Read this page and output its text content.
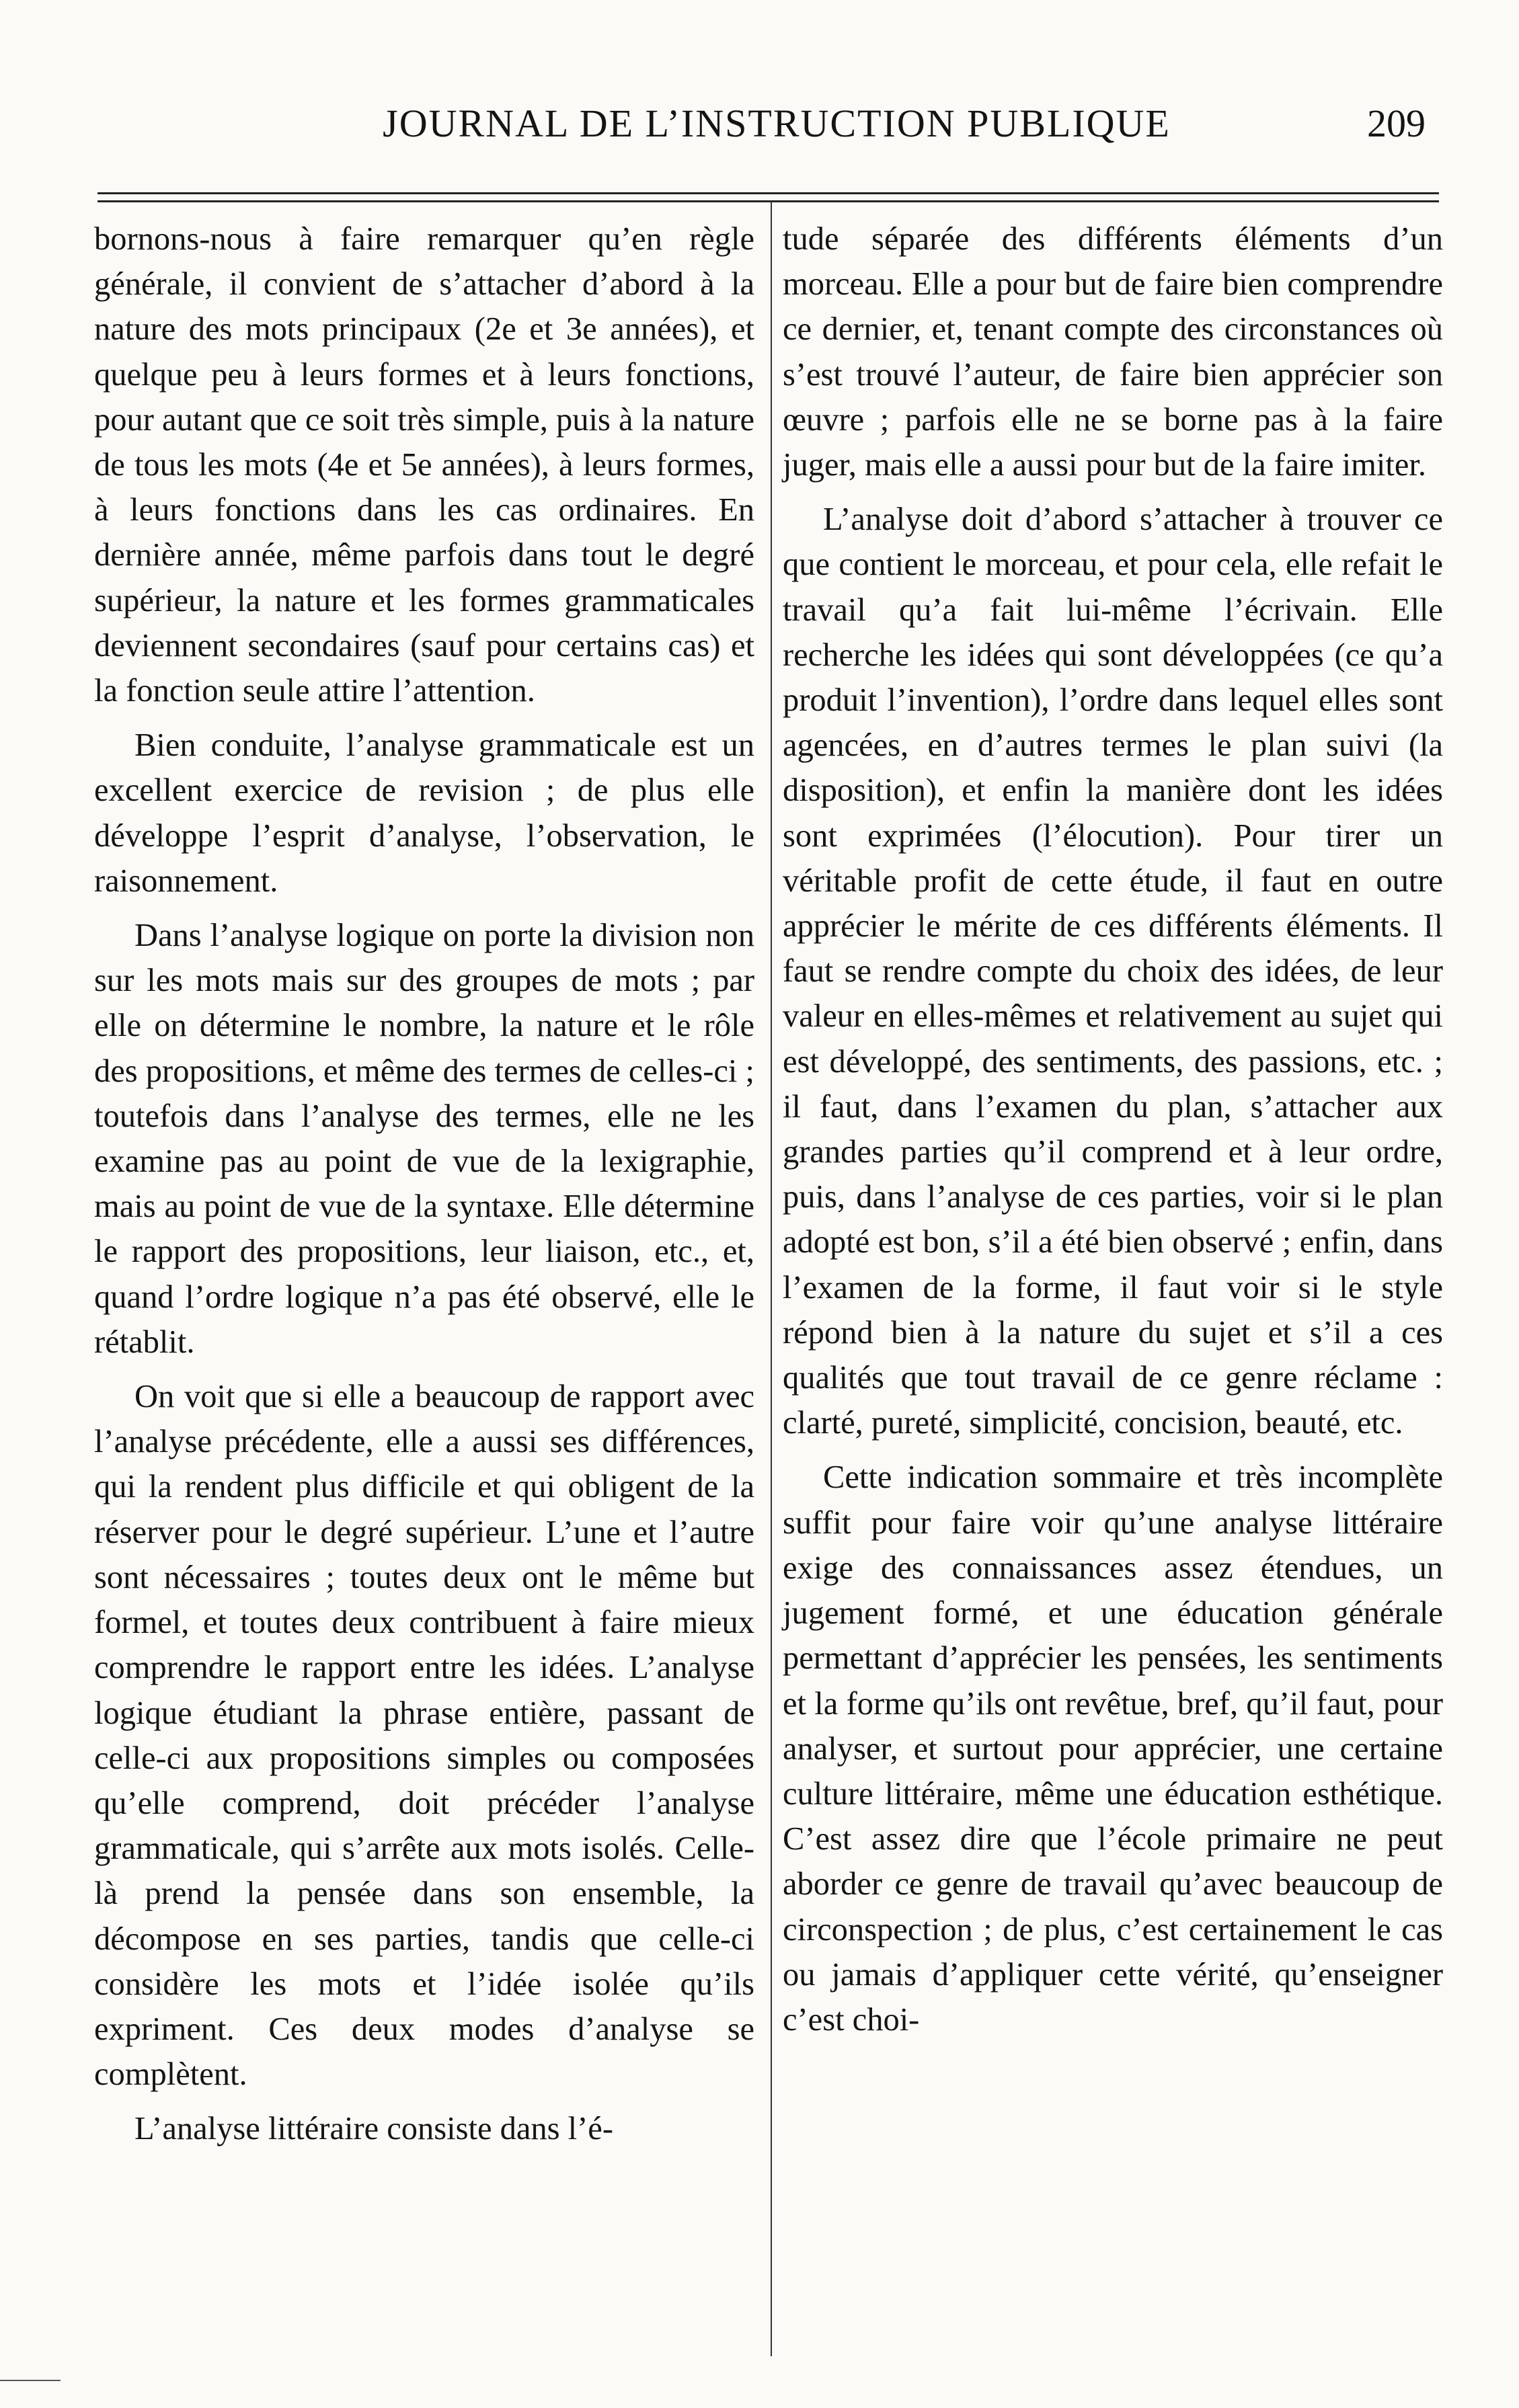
JOURNAL DE L’INSTRUCTION PUBLIQUE	209

bornons-nous à faire remarquer qu’en règle générale, il convient de s’attacher d’abord à la nature des mots principaux (2e et 3e années), et quelque peu à leurs formes et à leurs fonctions, pour autant que ce soit très simple, puis à la nature de tous les mots (4e et 5e années), à leurs formes, à leurs fonctions dans les cas ordinaires. En dernière année, même parfois dans tout le degré supérieur, la nature et les formes grammaticales deviennent secondaires (sauf pour certains cas) et la fonction seule attire l’attention.

Bien conduite, l’analyse grammaticale est un excellent exercice de revision ; de plus elle développe l’esprit d’analyse, l’observation, le raisonnement.

Dans l’analyse logique on porte la division non sur les mots mais sur des groupes de mots ; par elle on détermine le nombre, la nature et le rôle des propositions, et même des termes de celles-ci ; toutefois dans l’analyse des termes, elle ne les examine pas au point de vue de la lexigraphie, mais au point de vue de la syntaxe. Elle détermine le rapport des propositions, leur liaison, etc., et, quand l’ordre logique n’a pas été observé, elle le rétablit.

On voit que si elle a beaucoup de rapport avec l’analyse précédente, elle a aussi ses différences, qui la rendent plus difficile et qui obligent de la réserver pour le degré supérieur. L’une et l’autre sont nécessaires ; toutes deux ont le même but formel, et toutes deux contribuent à faire mieux comprendre le rapport entre les idées. L’analyse logique étudiant la phrase entière, passant de celle-ci aux propositions simples ou composées qu’elle comprend, doit précéder l’analyse grammaticale, qui s’arrête aux mots isolés. Celle-là prend la pensée dans son ensemble, la décompose en ses parties, tandis que celle-ci considère les mots et l’idée isolée qu’ils expriment. Ces deux modes d’analyse se complètent.

L’analyse littéraire consiste dans l’é-

tude séparée des différents éléments d’un morceau. Elle a pour but de faire bien comprendre ce dernier, et, tenant compte des circonstances où s’est trouvé l’auteur, de faire bien apprécier son œuvre ; parfois elle ne se borne pas à la faire juger, mais elle a aussi pour but de la faire imiter.

L’analyse doit d’abord s’attacher à trouver ce que contient le morceau, et pour cela, elle refait le travail qu’a fait lui-même l’écrivain. Elle recherche les idées qui sont développées (ce qu’a produit l’invention), l’ordre dans lequel elles sont agencées, en d’autres termes le plan suivi (la disposition), et enfin la manière dont les idées sont exprimées (l’élocution). Pour tirer un véritable profit de cette étude, il faut en outre apprécier le mérite de ces différents éléments. Il faut se rendre compte du choix des idées, de leur valeur en elles-mêmes et relativement au sujet qui est développé, des sentiments, des passions, etc. ; il faut, dans l’examen du plan, s’attacher aux grandes parties qu’il comprend et à leur ordre, puis, dans l’analyse de ces parties, voir si le plan adopté est bon, s’il a été bien observé ; enfin, dans l’examen de la forme, il faut voir si le style répond bien à la nature du sujet et s’il a ces qualités que tout travail de ce genre réclame : clarté, pureté, simplicité, concision, beauté, etc.

Cette indication sommaire et très incomplète suffit pour faire voir qu’une analyse littéraire exige des connaissances assez étendues, un jugement formé, et une éducation générale permettant d’apprécier les pensées, les sentiments et la forme qu’ils ont revêtue, bref, qu’il faut, pour analyser, et surtout pour apprécier, une certaine culture littéraire, même une éducation esthétique. C’est assez dire que l’école primaire ne peut aborder ce genre de travail qu’avec beaucoup de circonspection ; de plus, c’est certainement le cas ou jamais d’appliquer cette vérité, qu’enseigner c’est choi-
